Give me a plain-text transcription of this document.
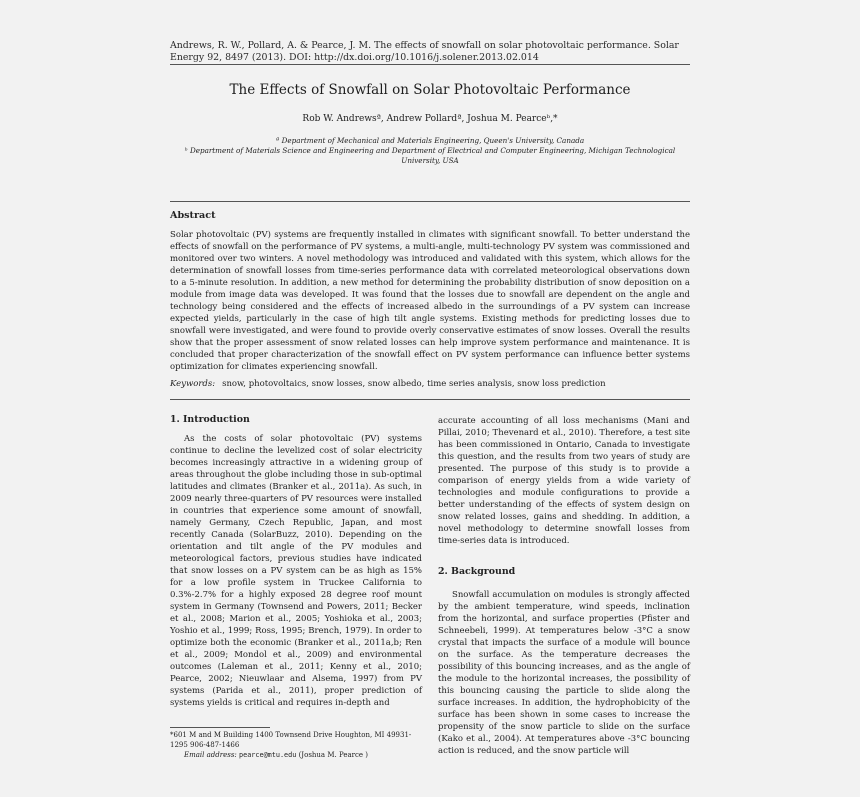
Andrews, R. W., Pollard, A. & Pearce, J. M. The effects of snowfall on solar photovoltaic performance. Solar Energy 92, 8497 (2013). DOI: http://dx.doi.org/10.1016/j.solener.2013.02.014
The Effects of Snowfall on Solar Photovoltaic Performance
Rob W. Andrewsª, Andrew Pollardª, Joshua M. Pearceᵇ,*
ª Department of Mechanical and Materials Engineering, Queen's University, Canada
ᵇ Department of Materials Science and Engineering and Department of Electrical and Computer Engineering, Michigan Technological University, USA
Abstract
Solar photovoltaic (PV) systems are frequently installed in climates with significant snowfall. To better understand the effects of snowfall on the performance of PV systems, a multi-angle, multi-technology PV system was commissioned and monitored over two winters. A novel methodology was introduced and validated with this system, which allows for the determination of snowfall losses from time-series performance data with correlated meteorological observations down to a 5-minute resolution. In addition, a new method for determining the probability distribution of snow deposition on a module from image data was developed. It was found that the losses due to snowfall are dependent on the angle and technology being considered and the effects of increased albedo in the surroundings of a PV system can increase expected yields, particularly in the case of high tilt angle systems. Existing methods for predicting losses due to snowfall were investigated, and were found to provide overly conservative estimates of snow losses. Overall the results show that the proper assessment of snow related losses can help improve system performance and maintenance. It is concluded that proper characterization of the snowfall effect on PV system performance can influence better systems optimization for climates experiencing snowfall.
Keywords: snow, photovoltaics, snow losses, snow albedo, time series analysis, snow loss prediction
1. Introduction

As the costs of solar photovoltaic (PV) systems continue to decline the levelized cost of solar electricity becomes increasingly attractive in a widening group of areas throughout the globe including those in sub-optimal latitudes and climates (Branker et al., 2011a). As such, in 2009 nearly three-quarters of PV resources were installed in countries that experience some amount of snowfall, namely Germany, Czech Republic, Japan, and most recently Canada (SolarBuzz, 2010). Depending on the orientation and tilt angle of the PV modules and meteorological factors, previous studies have indicated that snow losses on a PV system can be as high as 15% for a low profile system in Truckee California to 0.3%-2.7% for a highly exposed 28 degree roof mount system in Germany (Townsend and Powers, 2011; Becker et al., 2008; Marion et al., 2005; Yoshioka et al., 2003; Yoshio et al., 1999; Ross, 1995; Brench, 1979). In order to optimize both the economic (Branker et al., 2011a,b; Ren et al., 2009; Mondol et al., 2009) and environmental outcomes (Laleman et al., 2011; Kenny et al., 2010; Pearce, 2002; Nieuwlaar and Alsema, 1997) from PV systems (Parida et al., 2011), proper prediction of systems yields is critical and requires in-depth and

accurate accounting of all loss mechanisms (Mani and Pillai, 2010; Thevenard et al., 2010). Therefore, a test site has been commissioned in Ontario, Canada to investigate this question, and the results from two years of study are presented. The purpose of this study is to provide a comparison of energy yields from a wide variety of technologies and module configurations to provide a better understanding of the effects of system design on snow related losses, gains and shedding. In addition, a novel methodology to determine snowfall losses from time-series data is introduced.

2. Background

Snowfall accumulation on modules is strongly affected by the ambient temperature, wind speeds, inclination from the horizontal, and surface properties (Pfister and Schneebeli, 1999). At temperatures below -3°C a snow crystal that impacts the surface of a module will bounce on the surface. As the temperature decreases the possibility of this bouncing increases, and as the angle of the module to the horizontal increases, the possibility of this bouncing causing the particle to slide along the surface increases. In addition, the hydrophobicity of the surface has been shown in some cases to increase the propensity of the snow particle to slide on the surface (Kako et al., 2004). At temperatures above -3°C bouncing action is reduced, and the snow particle will

*601 M and M Building 1400 Townsend Drive Houghton, MI 49931-1295 906-487-1466
Email address: pearce@mtu.edu (Joshua M. Pearce )
